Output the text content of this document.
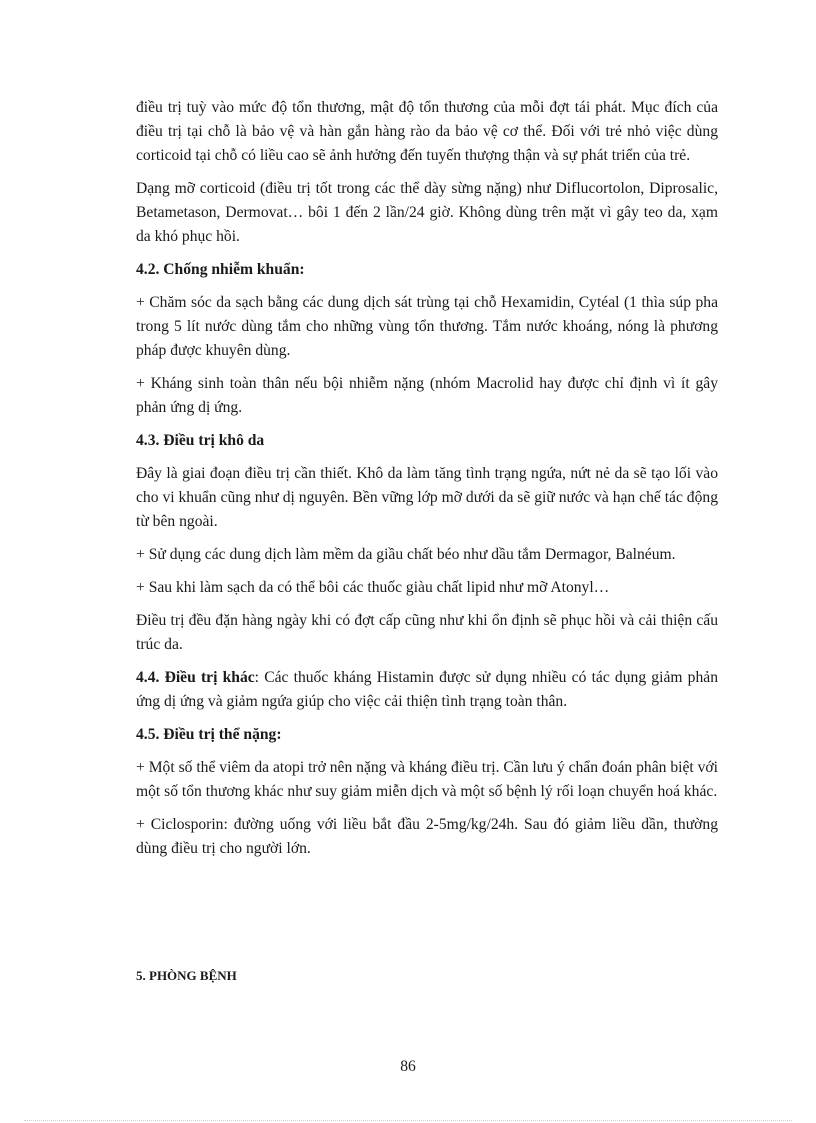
điều trị tuỳ vào mức độ tổn thương, mật độ tổn thương của mỗi đợt tái phát. Mục đích của điều trị tại chỗ là bảo vệ và hàn gắn hàng rào da bảo vệ cơ thể. Đối với trẻ nhỏ việc dùng corticoid tại chỗ có liều cao sẽ ảnh hưởng đến tuyến thượng thận và sự phát triển của trẻ.

Dạng mỡ corticoid (điều trị tốt trong các thể dày sừng nặng) như Diflucortolon, Diprosalic, Betametason, Dermovat… bôi 1 đến 2 lần/24 giờ. Không dùng trên mặt vì gây teo da, xạm da khó phục hồi.

4.2. Chống nhiễm khuẩn:

+ Chăm sóc da sạch bằng các dung dịch sát trùng tại chỗ Hexamidin, Cytéal (1 thìa súp pha trong 5 lít nước dùng tắm cho những vùng tổn thương. Tắm nước khoáng, nóng là phương pháp được khuyên dùng.

+ Kháng sinh toàn thân nếu bội nhiễm nặng (nhóm Macrolid hay được chỉ định vì ít gây phản ứng dị ứng.

4.3. Điều trị khô da

Đây là giai đoạn điều trị cần thiết. Khô da làm tăng tình trạng ngứa, nứt nẻ da sẽ tạo lối vào cho vi khuẩn cũng như dị nguyên. Bền vững lớp mỡ dưới da sẽ giữ nước và hạn chế tác động từ bên ngoài.

+ Sử dụng các dung dịch làm mềm da giầu chất béo như dầu tắm Dermagor, Balnéum.

+ Sau khi làm sạch da có thể bôi các thuốc giàu chất lipid như mỡ Atonyl…

Điều trị đều đặn hàng ngày khi có đợt cấp cũng như khi ổn định sẽ phục hồi và cải thiện cấu trúc da.

4.4. Điều trị khác: Các thuốc kháng Histamin được sử dụng nhiều có tác dụng giảm phản ứng dị ứng và giảm ngứa giúp cho việc cải thiện tình trạng toàn thân.

4.5. Điều trị thể nặng:

+ Một số thể viêm da atopi trở nên nặng và kháng điều trị. Cần lưu ý chẩn đoán phân biệt với một số tổn thương khác như suy giảm miễn dịch và một số bệnh lý rối loạn chuyển hoá khác.

+ Ciclosporin: đường uống với liều bắt đầu 2-5mg/kg/24h. Sau đó giảm liều dần, thường dùng điều trị cho người lớn.

5. PHÒNG BỆNH

86
